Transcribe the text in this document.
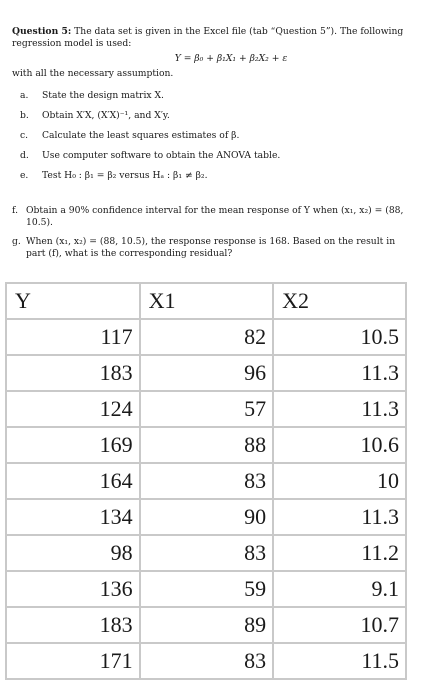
Question 5: The data set is given in the Excel file (tab “Question 5”). The following regression model is used:
Y = β₀ + β₁X₁ + β₂X₂ + ε
with all the necessary assumption.
a.	State the design matrix X.
b.	Obtain X′X, (X′X)⁻¹, and X′y.
c.	Calculate the least squares estimates of β.
d.	Use computer software to obtain the ANOVA table.
e.	Test H₀ : β₁ = β₂ versus Hₐ : β₁ ≠ β₂.
f. Obtain a 90% confidence interval for the mean response of Y when (x₁, x₂) = (88, 10.5).
g. When (x₁, x₂) = (88, 10.5), the response response is 168. Based on the result in part (f), what is the corresponding residual?
Y	X1	X2
117	82	10.5
183	96	11.3
124	57	11.3
169	88	10.6
164	83	10
134	90	11.3
98	83	11.2
136	59	9.1
183	89	10.7
171	83	11.5
